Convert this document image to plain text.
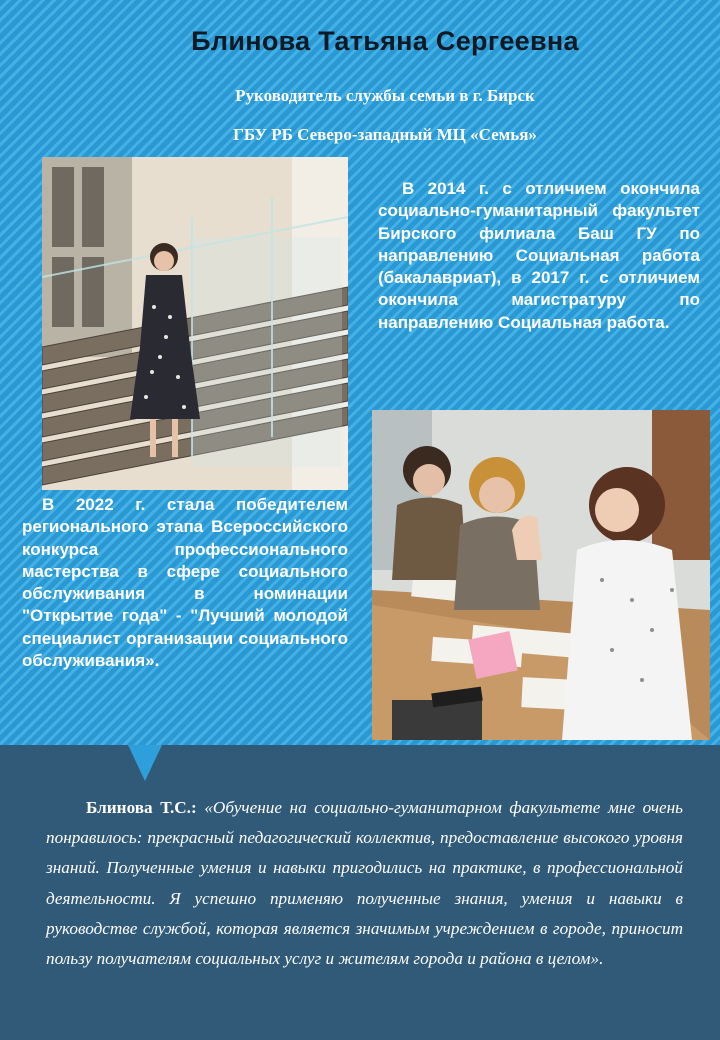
Блинова Татьяна Сергеевна

Руководитель службы семьи в г. Бирск

ГБУ РБ Северо-западный МЦ «Семья»

В 2014 г. с отличием окончила социально-гуманитарный факультет Бирского филиала Баш ГУ по направлению Социальная работа (бакалавриат), в 2017 г. с отличием окончила магистратуру по направлению Социальная работа.

В 2022 г. стала победителем регионального этапа Всероссийского конкурса профессионального мастерства в сфере социального обслуживания в номинации "Открытие года" - "Лучший молодой специалист организации социального обслуживания».

Блинова Т.С.: «Обучение на социально-гуманитарном факультете мне очень понравилось: прекрасный педагогический коллектив, предоставление высокого уровня знаний. Полученные умения и навыки пригодились на практике, в профессиональной деятельности. Я успешно применяю полученные знания, умения и навыки в руководстве службой, которая является значимым учреждением в городе, приносит пользу получателям социальных услуг и жителям города и района в целом».
